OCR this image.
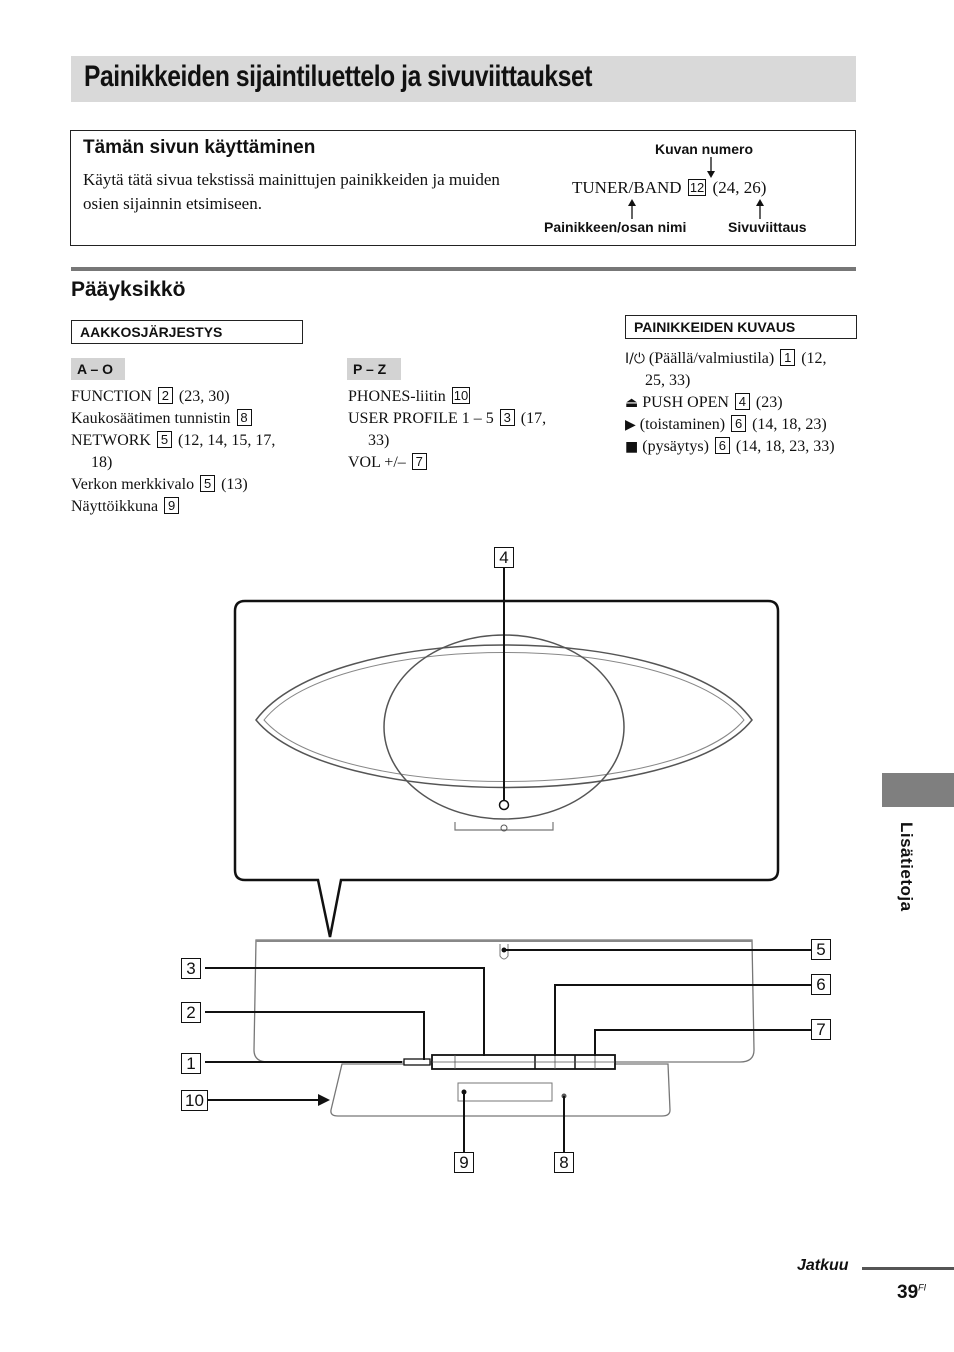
Painikkeiden sijaintiluettelo ja sivuviittaukset
Tämän sivun käyttäminen
Käytä tätä sivua tekstissä mainittujen painikkeiden ja muiden osien sijainnin etsimiseen.
Kuvan numero
TUNER/BAND 12 (24, 26)
Painikkeen/osan nimi	Sivuviittaus
Pääyksikkö
AAKKOSJÄRJESTYS
A – O
FUNCTION 2 (23, 30)
Kaukosäätimen tunnistin 8
NETWORK 5 (12, 14, 15, 17,
18)
Verkon merkkivalo 5 (13)
Näyttöikkuna 9
P – Z
PHONES-liitin 10
USER PROFILE 1 – 5 3 (17,
33)
VOL +/– 7
PAINIKKEIDEN KUVAUS
I/⏻ (Päällä/valmiustila) 1 (12,
25, 33)
⏏ PUSH OPEN 4 (23)
▶ (toistaminen) 6 (14, 18, 23)
■ (pysäytys) 6 (14, 18, 23, 33)
4
3
2
1
10
5
6
7
9	8
Lisätietoja
Jatkuu
$39^{FI}$
